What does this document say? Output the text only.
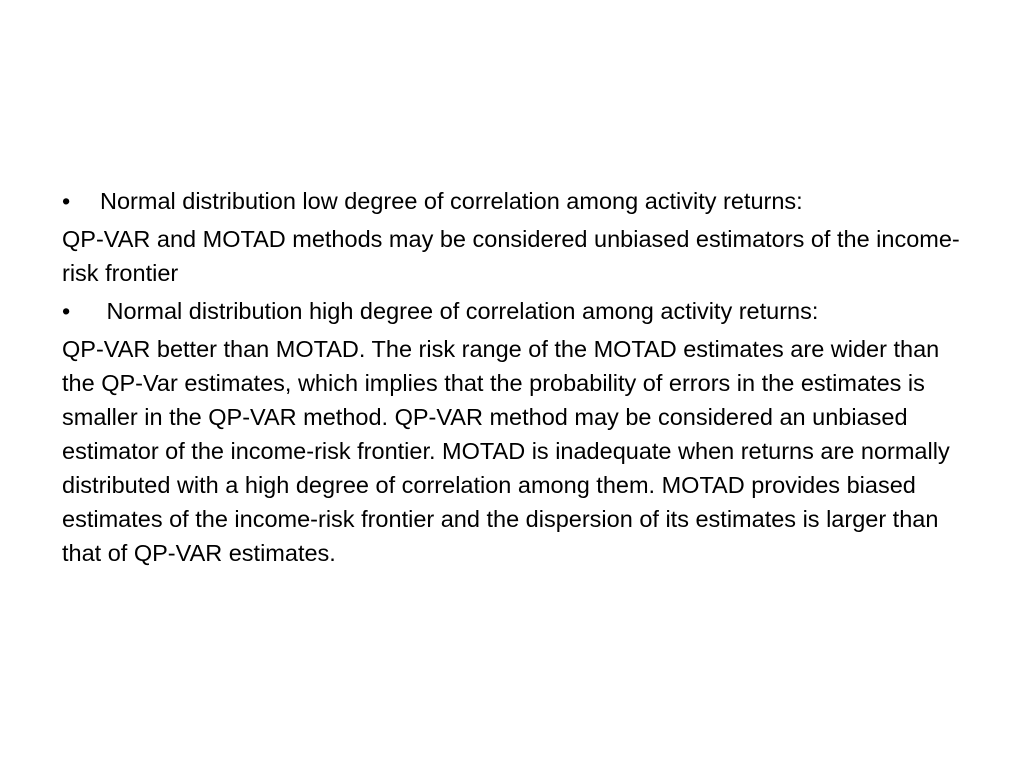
•	Normal distribution low degree of correlation among activity returns:

QP-VAR and MOTAD methods may be considered unbiased estimators of the income-risk frontier

•	Normal distribution high degree of correlation among activity returns:

QP-VAR better than MOTAD. The risk range of the MOTAD estimates are wider than the QP-Var estimates, which implies that the probability of errors in the estimates is smaller in the QP-VAR method. QP-VAR method may be considered an unbiased estimator of the income-risk frontier. MOTAD is inadequate when returns are normally distributed with a high degree of correlation among them. MOTAD provides biased estimates of the income-risk frontier and the dispersion of its estimates is larger than that of QP-VAR estimates.
